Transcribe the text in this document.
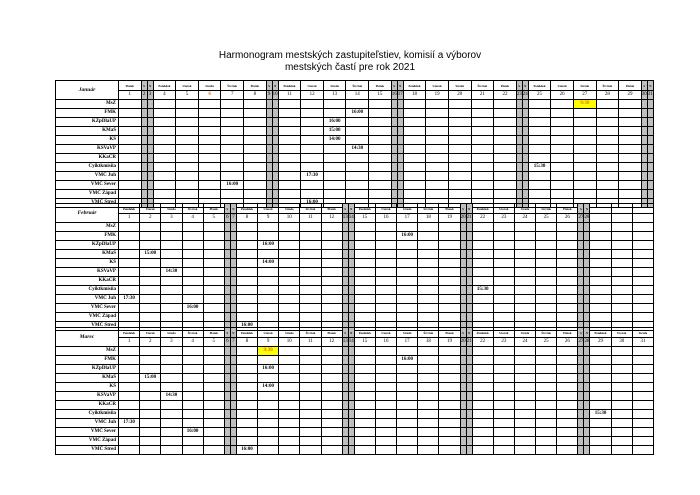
Harmonogram mestských zastupiteľstiev, komisií a výborov
mestských častí pre rok 2021
Január	Piatok	S	N	Pondelok	Utorok	Streda	Štvrtok	Piatok	S	N	Pondelok	Utorok	Streda	Štvrtok	Piatok	S	N	Pondelok	Utorok	Streda	Štvrtok	Piatok	S	N	Pondelok	Utorok	Streda	Štvrtok	Piatok	S	N
	1	2	3	4	5	6	7	8	9	10	11	12	13	14	15	16	17	18	19	20	21	22	23	24	25	26	27	28	29	30	31
MsZ																											9:30				
FMK														16:00																	
KŽpDlaUP													16:00																		
KMaŠ													15:00																		
KŠ													14:00																		
KSVaVP														14:30																	
KKaCR																															
Cyiktkmisiia																									15:30						
VMČ Juh												17:30																			
VMČ Sever							16:00																								
VMČ Západ																															
VMČ Stred												16:00																			
Február	Pondelok	Utorok	Streda	Štvrtok	Piatok	S	N	Pondelok	Utorok	Streda	Štvrtok	Piatok	S	N	Pondelok	Utorok	Streda	Štvrtok	Piatok	S	N	Pondelok	Utorok	Streda	Štvrtok	Piatok	S	N			
	1	2	3	4	5	6	7	8	9	10	11	12	13	14	15	16	17	18	19	20	21	22	23	24	25	26	27	28			
MsZ																															
FMK																	16:00														
KŽpDlaUP									16:00																						
KMaŠ		15:00																													
KŠ									14:00																						
KSVaVP			14:30																												
KKaCR																															
Cyiktkmisiia																						15:30									
VMČ Juh	17:30																														
VMČ Sever				16:00																											
VMČ Západ																															
VMČ Stred								16:00																							
Marec	Pondelok	Utorok	Streda	Štvrtok	Piatok	S	N	Pondelok	Utorok	Streda	Štvrtok	Piatok	S	N	Pondelok	Utorok	Streda	Štvrtok	Piatok	S	N	Pondelok	Utorok	Streda	Štvrtok	Piatok	S	N	Pondelok	Utorok	Streda
	1	2	3	4	5	6	7	8	9	10	11	12	13	14	15	16	17	18	19	20	21	22	23	24	25	26	27	28	29	30	31
MsZ									9:30																						
FMK																	16:00														
KŽpDlaUP									16:00																						
KMaŠ		15:00																													
KŠ									14:00																						
KSVaVP			14:30																												
KKaCR																															
Cyiktkmisiia																													15:30		
VMČ Juh	17:30																														
VMČ Sever				16:00																											
VMČ Západ																															
VMČ Stred								16:00																							
